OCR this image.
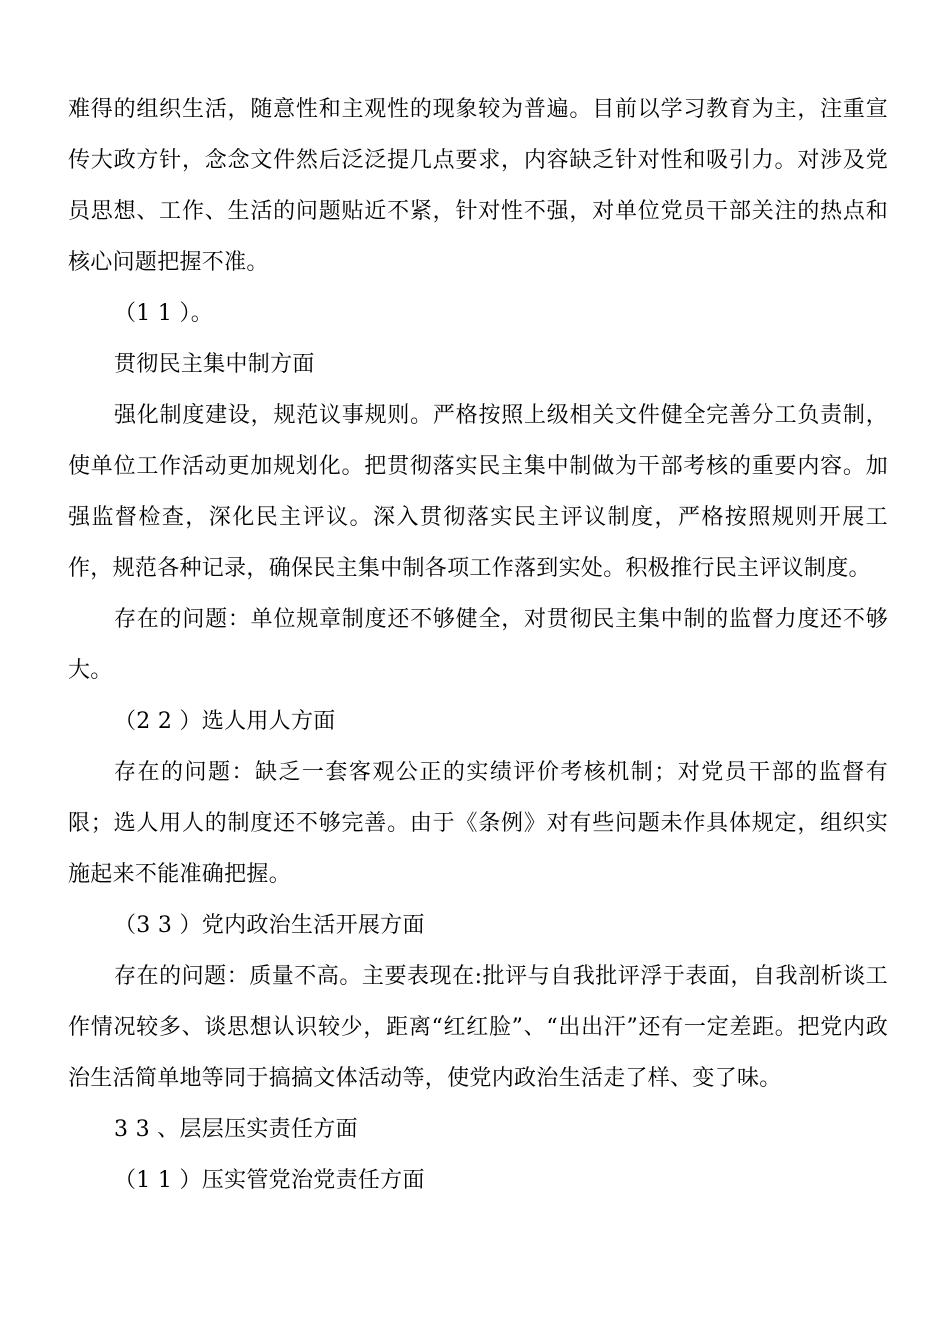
难得的组织生活，随意性和主观性的现象较为普遍。目前以学习教育为主，注重宣传大政方针，念念文件然后泛泛提几点要求，内容缺乏针对性和吸引力。对涉及党员思想、工作、生活的问题贴近不紧，针对性不强，对单位党员干部关注的热点和核心问题把握不准。

（1 1 ）。

贯彻民主集中制方面

强化制度建设，规范议事规则。严格按照上级相关文件健全完善分工负责制，使单位工作活动更加规划化。把贯彻落实民主集中制做为干部考核的重要内容。加强监督检查，深化民主评议。深入贯彻落实民主评议制度，严格按照规则开展工作，规范各种记录，确保民主集中制各项工作落到实处。积极推行民主评议制度。

存在的问题：单位规章制度还不够健全，对贯彻民主集中制的监督力度还不够大。

（2 2 ）选人用人方面

存在的问题：缺乏一套客观公正的实绩评价考核机制；对党员干部的监督有限；选人用人的制度还不够完善。由于《条例》对有些问题未作具体规定，组织实施起来不能准确把握。

（3 3 ）党内政治生活开展方面

存在的问题：质量不高。主要表现在:批评与自我批评浮于表面，自我剖析谈工作情况较多、谈思想认识较少，距离“红红脸”、“出出汗”还有一定差距。把党内政治生活简单地等同于搞搞文体活动等，使党内政治生活走了样、变了味。

3 3 、层层压实责任方面

（1 1 ）压实管党治党责任方面
